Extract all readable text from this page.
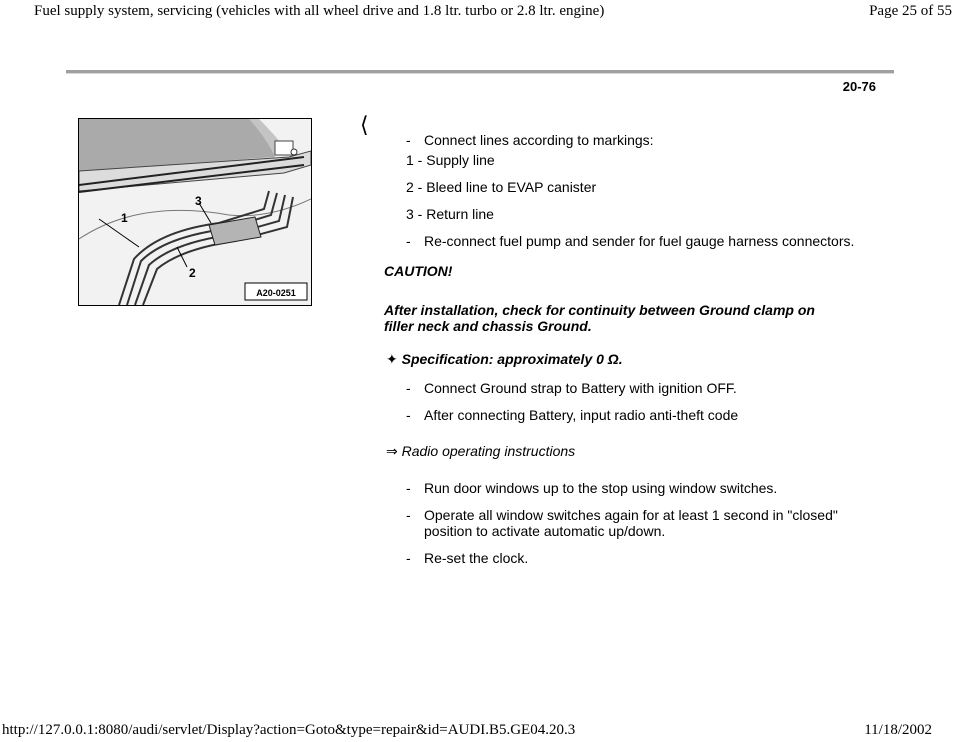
Fuel supply system, servicing (vehicles with all wheel drive and 1.8 ltr. turbo or 2.8 ltr. engine)	Page 25 of 55
20-76
1
2
3
A20-0251
⟨
- Connect lines according to markings:
1 - Supply line
2 - Bleed line to EVAP canister
3 - Return line
- Re-connect fuel pump and sender for fuel gauge harness connectors.
CAUTION!
After installation, check for continuity between Ground clamp on
filler neck and chassis Ground.
✦ Specification: approximately 0 Ω.
- Connect Ground strap to Battery with ignition OFF.
- After connecting Battery, input radio anti-theft code
⇒ Radio operating instructions
- Run door windows up to the stop using window switches.
- Operate all window switches again for at least 1 second in "closed"
position to activate automatic up/down.
- Re-set the clock.
http://127.0.0.1:8080/audi/servlet/Display?action=Goto&type=repair&id=AUDI.B5.GE04.20.3	11/18/2002
